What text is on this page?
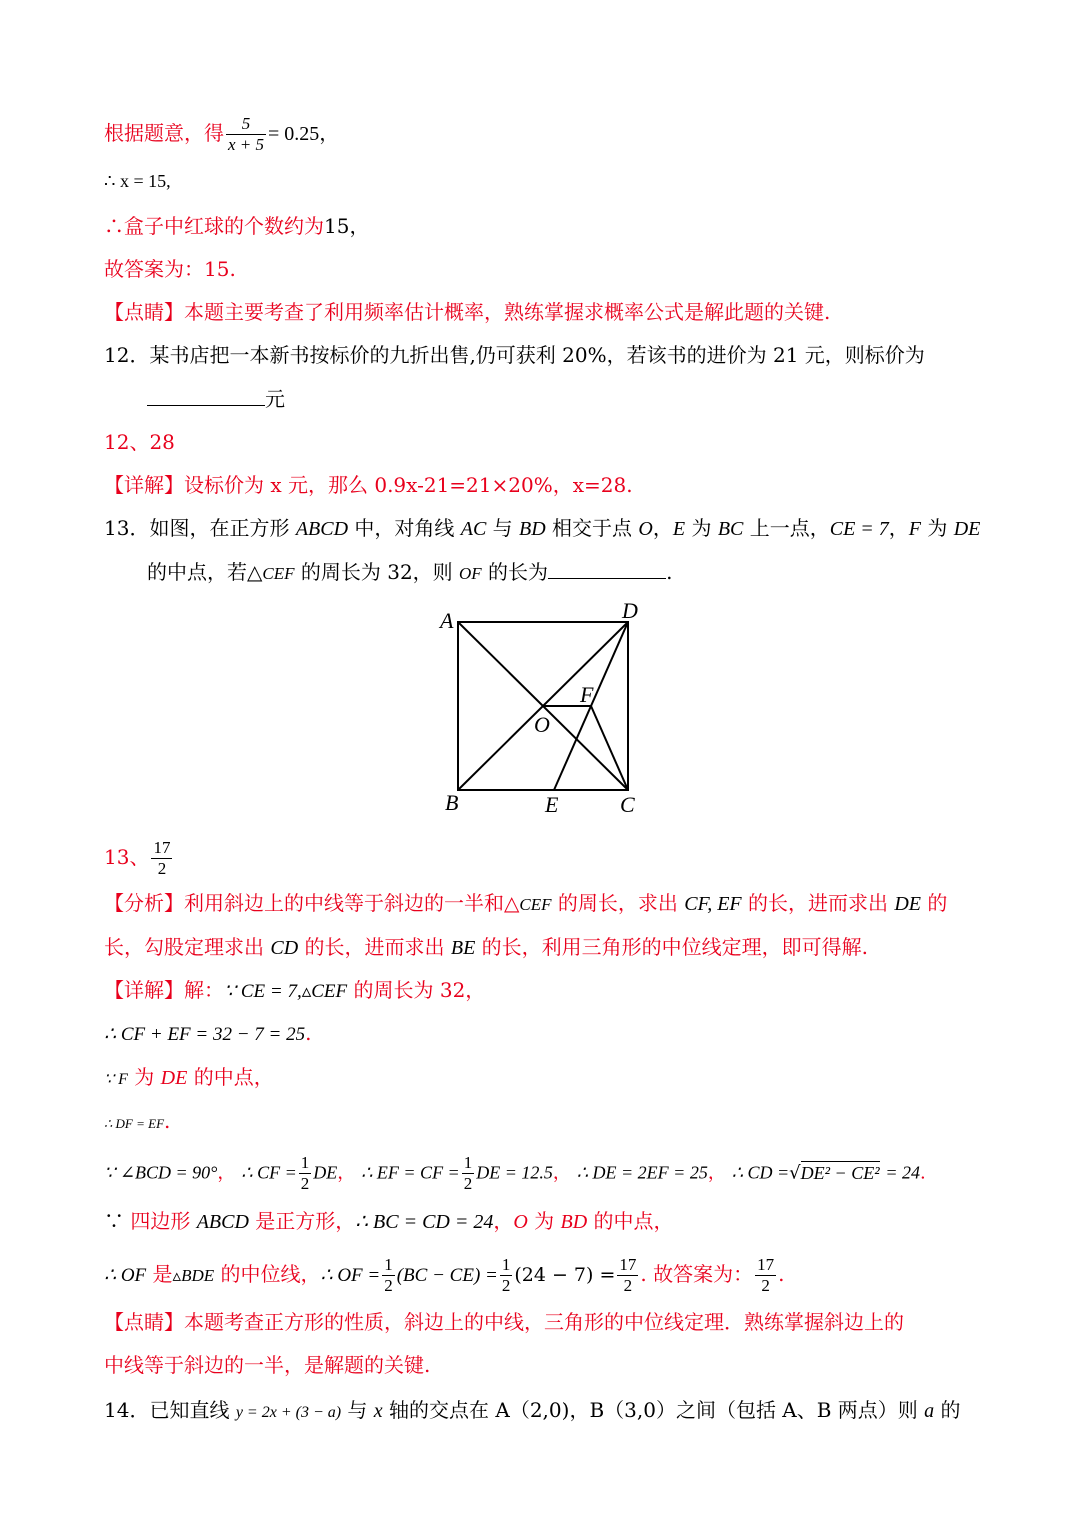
根据题意，得 $\frac{5}{x + 5} = 0.25$，
∴ x = 15,
∴盒子中红球的个数约为15，
故答案为：15.
【点睛】本题主要考查了利用频率估计概率，熟练掌握求概率公式是解此题的关键.
12．某书店把一本新书按标价的九折出售,仍可获利 20%，若该书的进价为 21 元，则标价为
元
12、28
【详解】设标价为 x 元，那么 0.9x-21=21×20%，x=28.
13．如图，在正方形 ABCD 中，对角线 AC 与 BD 相交于点 O，E 为 BC 上一点，CE = 7，F 为 DE
的中点，若△CEF 的周长为 32，则 OF 的长为	.
A	D
F
O
B	E	C
13、 $\frac{17}{2}$
【分析】利用斜边上的中线等于斜边的一半和△CEF 的周长，求出 CF, EF 的长，进而求出 DE 的
长，勾股定理求出 CD 的长，进而求出 BE 的长，利用三角形的中位线定理，即可得解.
【详解】解：∵ CE = 7,▵CEF 的周长为 32，
∴ CF + EF = 32 − 7 = 25.
∵ F 为 DE 的中点，
∴ DF = EF.
∵ ∠BCD = 90°， ∴ CF = $\frac{1}{2}$ DE， ∴ EF = CF = $\frac{1}{2}$ DE = 12.5， ∴ DE = 2EF = 25， ∴ CD =√DE² − CE² = 24.
∵ 四边形 ABCD 是正方形，∴ BC = CD = 24，O 为 BD 的中点，
∴ OF 是▵BDE 的中位线，∴ OF = $\frac{1}{2} (BC - CE) = \frac{1}{2} (24 - 7) = \frac{17}{2}$ . 故答案为： $\frac{17}{2}$ .
【点睛】本题考查正方形的性质，斜边上的中线，三角形的中位线定理．熟练掌握斜边上的
中线等于斜边的一半，是解题的关键.
14．已知直线 y = 2x + (3 − a) 与 x 轴的交点在 A（2,0)，B（3,0）之间（包括 A、B 两点）则 a 的
